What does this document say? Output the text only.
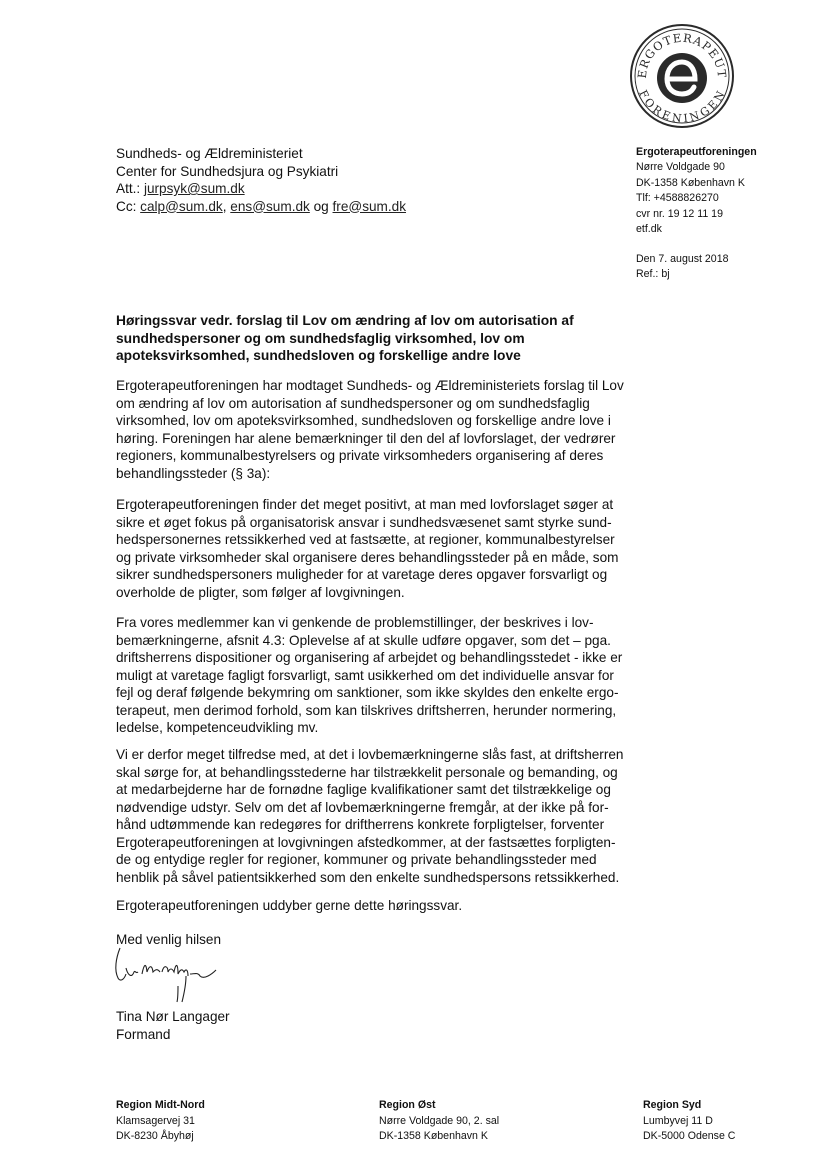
ERGOTERAPEUT
FORENINGEN
Sundheds- og Ældreministeriet
Center for Sundhedsjura og Psykiatri
Att.: jurpsyk@sum.dk
Cc: calp@sum.dk, ens@sum.dk og fre@sum.dk
Ergoterapeutforeningen
Nørre Voldgade 90
DK-1358 København K
Tlf: +4588826270
cvr nr. 19 12 11 19
etf.dk
Den 7. august 2018
Ref.: bj
Høringssvar vedr. forslag til Lov om ændring af lov om autorisation af
sundhedspersoner og om sundhedsfaglig virksomhed, lov om
apoteksvirksomhed, sundhedsloven og forskellige andre love
Ergoterapeutforeningen har modtaget Sundheds- og Ældreministeriets forslag til Lov
om ændring af lov om autorisation af sundhedspersoner og om sundhedsfaglig
virksomhed, lov om apoteksvirksomhed, sundhedsloven og forskellige andre love i
høring. Foreningen har alene bemærkninger til den del af lovforslaget, der vedrører
regioners, kommunalbestyrelsers og private virksomheders organisering af deres
behandlingssteder (§ 3a):
Ergoterapeutforeningen finder det meget positivt, at man med lovforslaget søger at
sikre et øget fokus på organisatorisk ansvar i sundhedsvæsenet samt styrke sund-
hedspersonernes retssikkerhed ved at fastsætte, at regioner, kommunalbestyrelser
og private virksomheder skal organisere deres behandlingssteder på en måde, som
sikrer sundhedspersoners muligheder for at varetage deres opgaver forsvarligt og
overholde de pligter, som følger af lovgivningen.
Fra vores medlemmer kan vi genkende de problemstillinger, der beskrives i lov-
bemærkningerne, afsnit 4.3: Oplevelse af at skulle udføre opgaver, som det – pga.
driftsherrens dispositioner og organisering af arbejdet og behandlingsstedet - ikke er
muligt at varetage fagligt forsvarligt, samt usikkerhed om det individuelle ansvar for
fejl og deraf følgende bekymring om sanktioner, som ikke skyldes den enkelte ergo-
terapeut, men derimod forhold, som kan tilskrives driftsherren, herunder normering,
ledelse, kompetenceudvikling mv.
Vi er derfor meget tilfredse med, at det i lovbemærkningerne slås fast, at driftsherren
skal sørge for, at behandlingsstederne har tilstrækkelit personale og bemanding, og
at medarbejderne har de fornødne faglige kvalifikationer samt det tilstrækkelige og
nødvendige udstyr. Selv om det af lovbemærkningerne fremgår, at der ikke på for-
hånd udtømmende kan redegøres for driftherrens konkrete forpligtelser, forventer
Ergoterapeutforeningen at lovgivningen afstedkommer, at der fastsættes forpligten-
de og entydige regler for regioner, kommuner og private behandlingssteder med
henblik på såvel patientsikkerhed som den enkelte sundhedspersons retssikkerhed.
Ergoterapeutforeningen uddyber gerne dette høringssvar.
Med venlig hilsen
Tina Nør Langager
Formand
Region Midt-Nord
Klamsagervej 31
DK-8230 Åbyhøj
Region Øst
Nørre Voldgade 90, 2. sal
DK-1358 København K
Region Syd
Lumbyvej 11 D
DK-5000 Odense C
